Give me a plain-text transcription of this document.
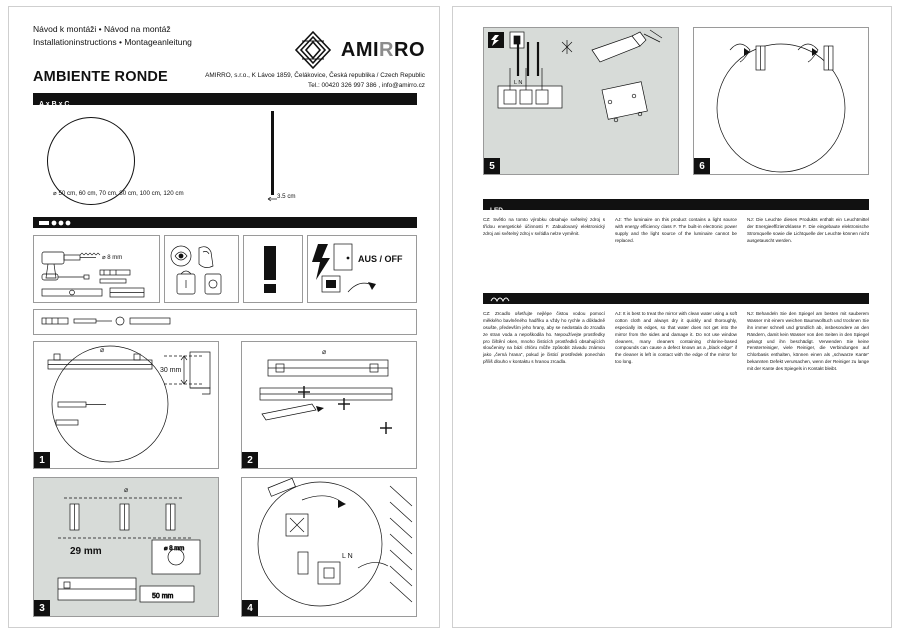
Návod k montáži • Návod na montáž
Installationinstructions • Montageanleitung	AMIRRO
AMBIENTE RONDE	AMIRRO, s.r.o., K Lávce 1859, Čelákovice, Česká republika / Czech Republic
Tel.: 00420 326 997 386 , info@amirro.cz
A x B x C
⌀ 50 cm, 60 cm, 70 cm, 80 cm, 100 cm, 120 cm	3.5 cm
⌀ 8 mm	AUS / OFF
30 mm
⌀
1
⌀
2
⌀
29 mm	⌀ 8 mm
50 mm
3
L N
4
L N
5	6
LED
CZ: Světlo na tomto výrobku obsahuje světelný zdroj s třídou energetické účinnosti F. Zabudovaný elektronický zdroj ani světelný zdroj v svítidla nelze vyměnit.
AJ: The luminaire on this product contains a light source with energy efficiency class F. The built-in electronic power supply and the light source of the luminaire cannot be replaced.
NJ: Die Leuchte dieses Produkts enthält ein Leuchtmittel der Energieeffizienzklasse F. Die eingebaute elektronische Stromquelle sowie die Lichtquelle der Leuchte können nicht ausgetauscht werden.
CZ: Zrcadlo ošetřujte nejlépe čistou vodou pomocí měkkého bavlněného hadříku a vždy ho rychle a důkladně osušte, především jeho hrany, aby se nedostala do zrcadla ze stran voda a nepoškodila ho. Nepoužívejte prostředky pro čištění oken, mnoho čisticích prostředků obsahujících sloučeniny na bázi chlóru může způsobit závadu známou jako „černá hrana“, pokud je čisticí prostředek ponechán příliš dlouho v kontaktu s hranou zrcadla.
AJ: It is best to treat the mirror with clean water using a soft cotton cloth and always dry it quickly and thoroughly, especially its edges, so that water does not get into the mirror from the sides and damage it. Do not use window cleaners, many cleaners containing chlorine-based compounds can cause a defect known as a „black edge“ if the cleaner is left in contact with the edge of the mirror for too long.
NJ: Behandeln Sie den Spiegel am besten mit sauberem Wasser mit einem weichen Baumwolltuch und trocknen Sie ihn immer schnell und gründlich ab, insbesondere an den Rändern, damit kein Wasser von den Seiten in den Spiegel gelangt und ihn beschädigt. Verwenden Sie keine Fensterreiniger, viele Reiniger, die Verbindungen auf Chlorbasis enthalten, können einen als „schwarze Kante“ bekannten Defekt verursachen, wenn der Reiniger zu lange mit der Kante des Spiegels in Kontakt bleibt.
